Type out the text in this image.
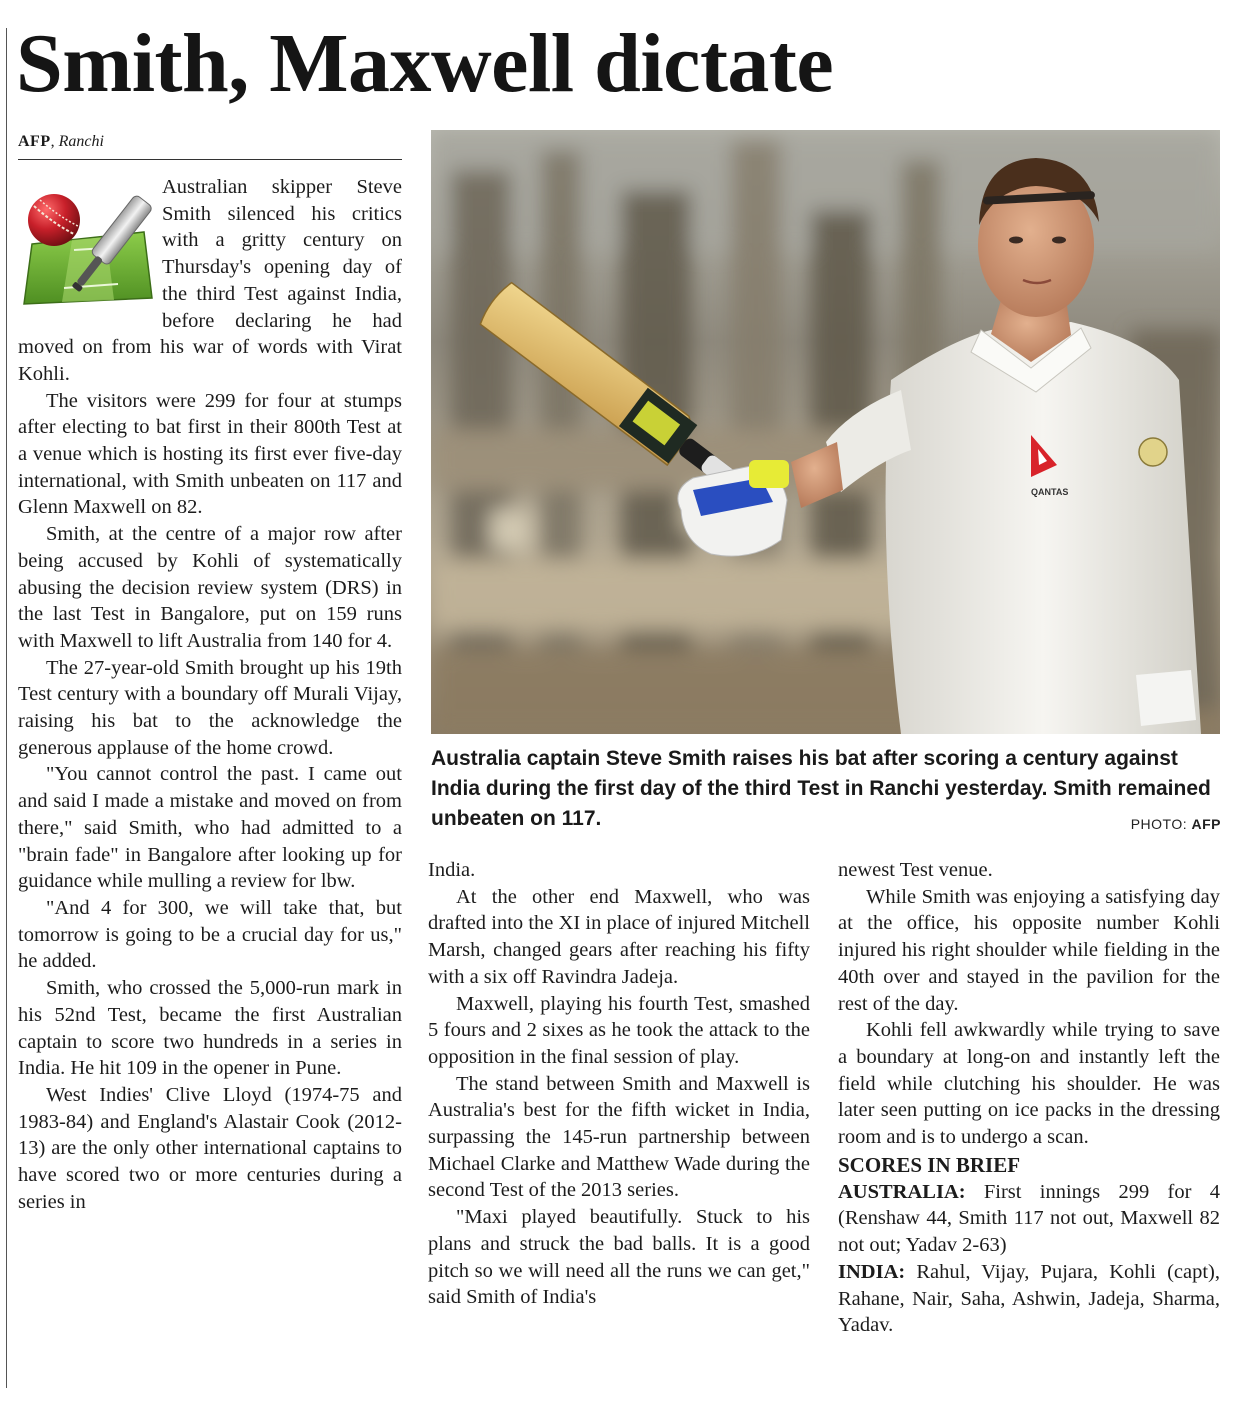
Smith, Maxwell dictate
AFP, Ranchi

Australian skipper Steve Smith silenced his critics with a gritty century on Thursday's opening day of the third Test against India, before declaring he had moved on from his war of words with Virat Kohli.

The visitors were 299 for four at stumps after electing to bat first in their 800th Test at a venue which is hosting its first ever five-day international, with Smith unbeaten on 117 and Glenn Maxwell on 82.

Smith, at the centre of a major row after being accused by Kohli of systematically abusing the decision review system (DRS) in the last Test in Bangalore, put on 159 runs with Maxwell to lift Australia from 140 for 4.

The 27-year-old Smith brought up his 19th Test century with a boundary off Murali Vijay, raising his bat to the acknowledge the generous applause of the home crowd.

"You cannot control the past. I came out and said I made a mistake and moved on from there," said Smith, who had admitted to a "brain fade" in Bangalore after looking up for guidance while mulling a review for lbw.

"And 4 for 300, we will take that, but tomorrow is going to be a crucial day for us," he added.

Smith, who crossed the 5,000-run mark in his 52nd Test, became the first Australian captain to score two hundreds in a series in India. He hit 109 in the opener in Pune.

West Indies' Clive Lloyd (1974-75 and 1983-84) and England's Alastair Cook (2012-13) are the only other international captains to have scored two or more centuries during a series in

QANTAS

Australia captain Steve Smith raises his bat after scoring a century against India during the first day of the third Test in Ranchi yesterday. Smith remained unbeaten on 117.	PHOTO: AFP

India.

At the other end Maxwell, who was drafted into the XI in place of injured Mitchell Marsh, changed gears after reaching his fifty with a six off Ravindra Jadeja.

Maxwell, playing his fourth Test, smashed 5 fours and 2 sixes as he took the attack to the opposition in the final session of play.

The stand between Smith and Maxwell is Australia's best for the fifth wicket in India, surpassing the 145-run partnership between Michael Clarke and Matthew Wade during the second Test of the 2013 series.

"Maxi played beautifully. Stuck to his plans and struck the bad balls. It is a good pitch so we will need all the runs we can get," said Smith of India's

newest Test venue.

While Smith was enjoying a satisfying day at the office, his opposite number Kohli injured his right shoulder while fielding in the 40th over and stayed in the pavilion for the rest of the day.

Kohli fell awkwardly while trying to save a boundary at long-on and instantly left the field while clutching his shoulder. He was later seen putting on ice packs in the dressing room and is to undergo a scan.

SCORES IN BRIEF

AUSTRALIA: First innings 299 for 4 (Renshaw 44, Smith 117 not out, Maxwell 82 not out; Yadav 2-63)

INDIA: Rahul, Vijay, Pujara, Kohli (capt), Rahane, Nair, Saha, Ashwin, Jadeja, Sharma, Yadav.
